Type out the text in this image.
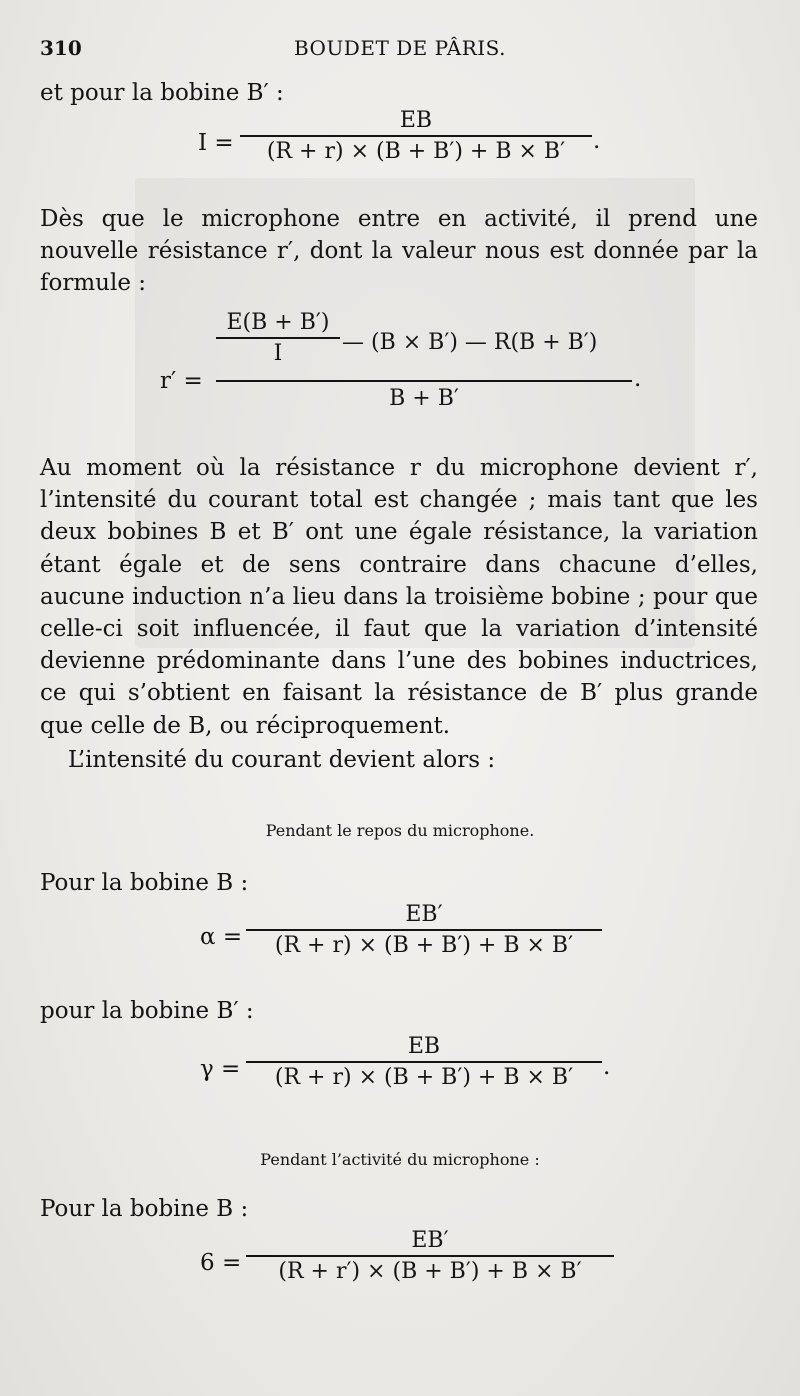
310	BOUDET DE PÂRIS.
et pour la bobine B′ :
I =
EB
(R + r) × (B + B′) + B × B′ .
Dès que le microphone entre en activité, il prend une nouvelle résistance r′, dont la valeur nous est donnée par la formule :
r′ =
E(B + B′)
I	— (B × B′) — R(B + B′)
B + B′
.
Au moment où la résistance r du microphone devient r′, l’intensité du courant total est changée ; mais tant que les deux bobines B et B′ ont une égale résistance, la variation étant égale et de sens contraire dans chacune d’elles, aucune induction n’a lieu dans la troisième bobine ; pour que celle-ci soit influencée, il faut que la variation d’intensité devienne prédominante dans l’une des bobines inductrices, ce qui s’obtient en faisant la résistance de B′ plus grande que celle de B, ou réciproquement.
L’intensité du courant devient alors :
Pendant le repos du microphone.
Pour la bobine B :
α =
EB′
(R + r) × (B + B′) + B × B′
pour la bobine B′ :
γ =
EB
(R + r) × (B + B′) + B × B′ .
Pendant l’activité du microphone :
Pour la bobine B :
6 =
EB′
(R + r′) × (B + B′) + B × B′
